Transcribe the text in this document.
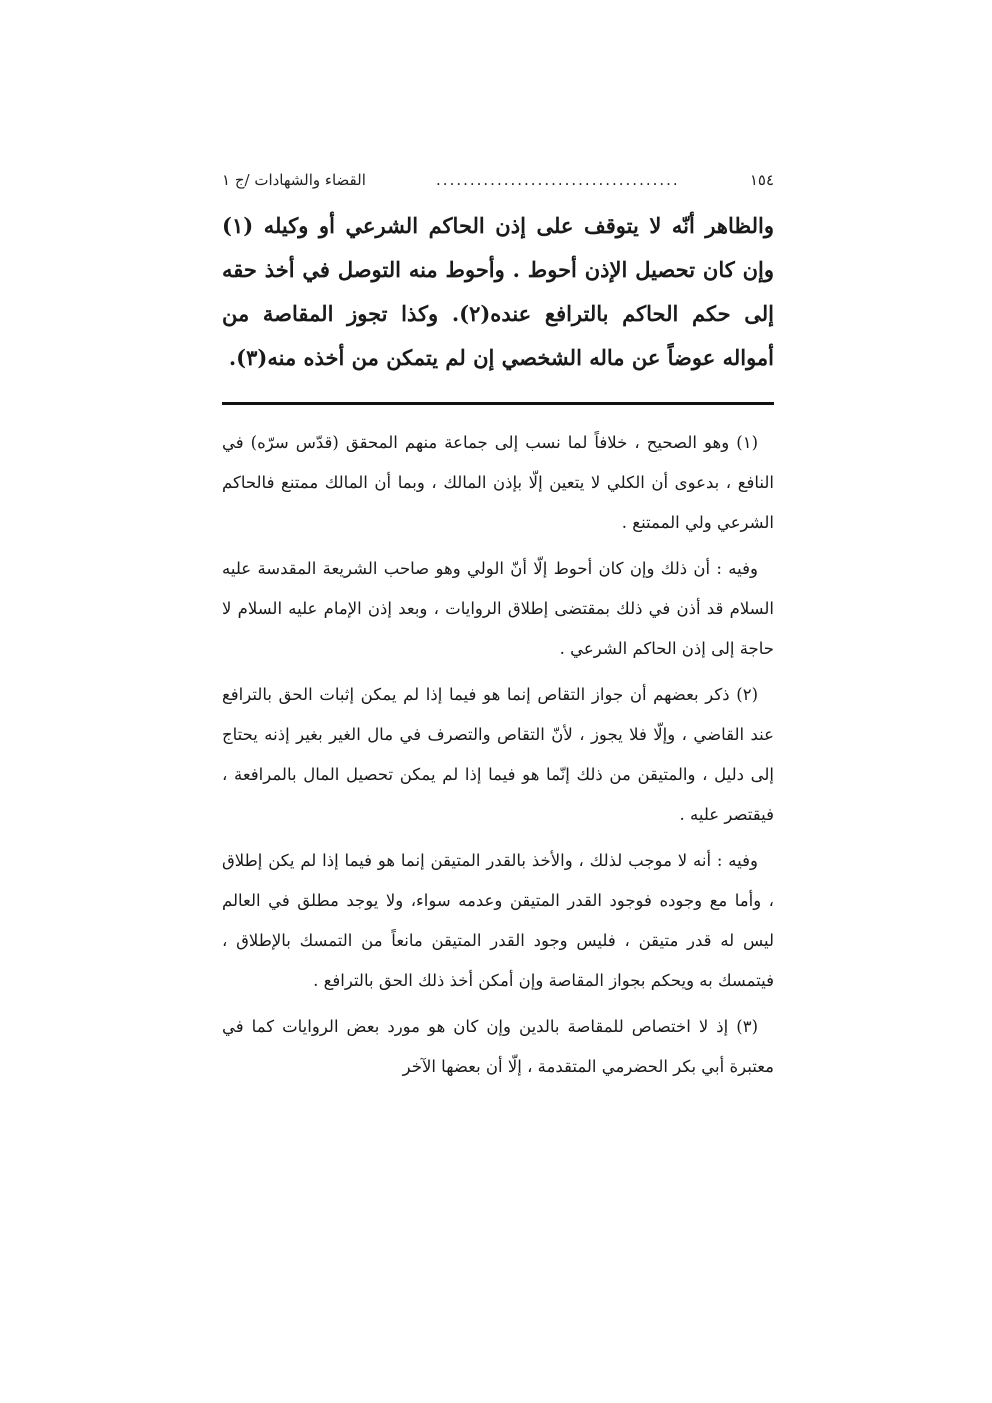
١٥٤
....................................
القضاء والشهادات /ج ١

والظاهر أنّه لا يتوقف على إذن الحاكم الشرعي أو وكيله (١) وإن كان تحصيل الإذن أحوط . وأحوط منه التوصل في أخذ حقه إلى حكم الحاكم بالترافع عنده(٢). وكذا تجوز المقاصة من أمواله عوضاً عن ماله الشخصي إن لم يتمكن من أخذه منه(٣).

(١) وهو الصحيح ، خلافاً لما نسب إلى جماعة منهم المحقق (قدّس سرّه) في النافع ، بدعوى أن الكلي لا يتعين إلّا بإذن المالك ، وبما أن المالك ممتنع فالحاكم الشرعي ولي الممتنع .

وفيه : أن ذلك وإن كان أحوط إلّا أنّ الولي وهو صاحب الشريعة المقدسة عليه السلام قد أذن في ذلك بمقتضى إطلاق الروايات ، وبعد إذن الإمام عليه السلام لا حاجة إلى إذن الحاكم الشرعي .

(٢) ذكر بعضهم أن جواز التقاص إنما هو فيما إذا لم يمكن إثبات الحق بالترافع عند القاضي ، وإلّا فلا يجوز ، لأنّ التقاص والتصرف في مال الغير بغير إذنه يحتاج إلى دليل ، والمتيقن من ذلك إنّما هو فيما إذا لم يمكن تحصيل المال بالمرافعة ، فيقتصر عليه .

وفيه : أنه لا موجب لذلك ، والأخذ بالقدر المتيقن إنما هو فيما إذا لم يكن إطلاق ، وأما مع وجوده فوجود القدر المتيقن وعدمه سواء، ولا يوجد مطلق في العالم ليس له قدر متيقن ، فليس وجود القدر المتيقن مانعاً من التمسك بالإطلاق ، فيتمسك به ويحكم بجواز المقاصة وإن أمكن أخذ ذلك الحق بالترافع .

(٣) إذ لا اختصاص للمقاصة بالدين وإن كان هو مورد بعض الروايات كما في معتبرة أبي بكر الحضرمي المتقدمة ، إلّا أن بعضها الآخر
